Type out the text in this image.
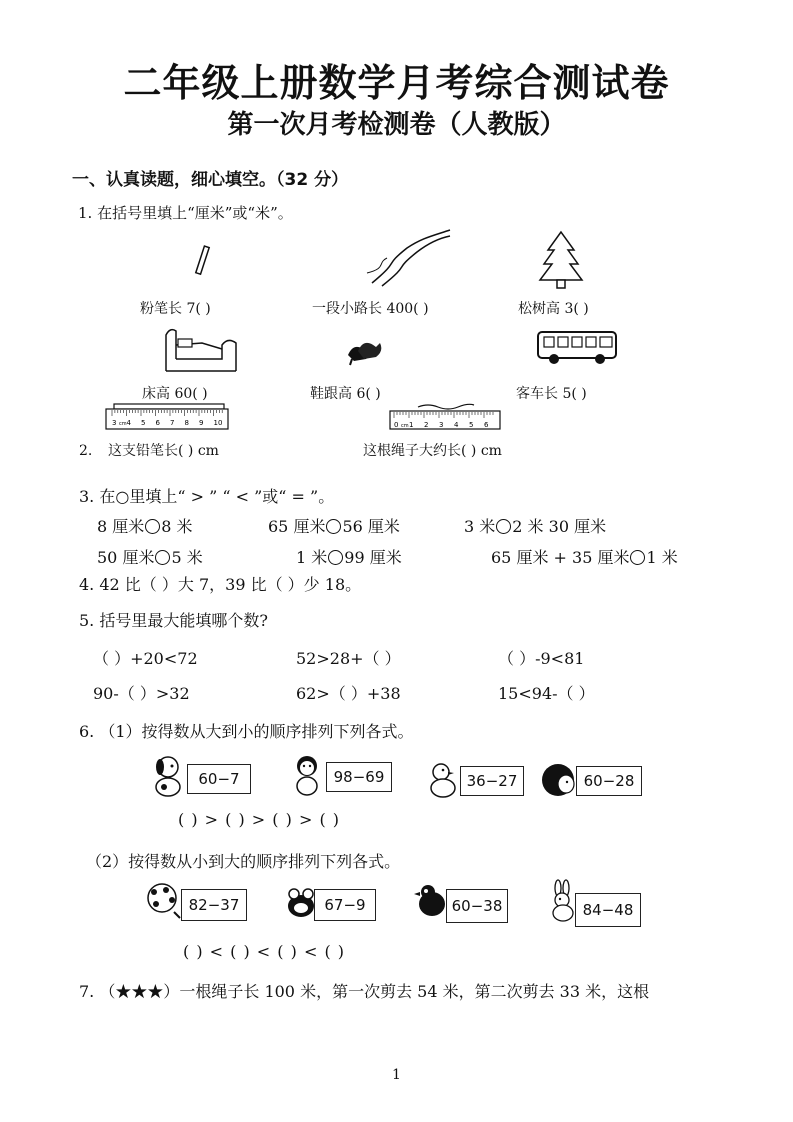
二年级上册数学月考综合测试卷
第一次月考检测卷（人教版）
一、认真读题，细心填空。（32 分）
1. 在括号里填上“厘米”或“米”。
粉笔长 7( )	一段小路长 400( )	松树高 3( )
床高 60( )	鞋跟高 6( )	客车长 5( )
3 cm 4 5 6 7 8 9 10	0 cm 1 2 3 4 5 6
2. 这支铅笔长( ) cm	这根绳子大约长( ) cm
3. 在○里填上“ > ” “ < ”或“ = ”。
8 厘米 8 米	65 厘米 56 厘米	3 米 2 米 30 厘米
50 厘米 5 米	1 米 99 厘米	65 厘米 + 35 厘米 1 米
4. 42 比（ ）大 7，39 比（ ）少 18。
5. 括号里最大能填哪个数?
（ ）+20<72	52>28+（ ）	（ ）-9<81
90-（ ）>32	62>（ ）+38	15<94-（ ）
6. （1）按得数从大到小的顺序排列下列各式。
60−7	98−69	36−27	60−28
( ) > ( ) > ( ) > ( )
（2）按得数从小到大的顺序排列下列各式。
82−37	67−9	60−38	84−48
( ) < ( ) < ( ) < ( )
7. （★★★）一根绳子长 100 米，第一次剪去 54 米，第二次剪去 33 米，这根
1
